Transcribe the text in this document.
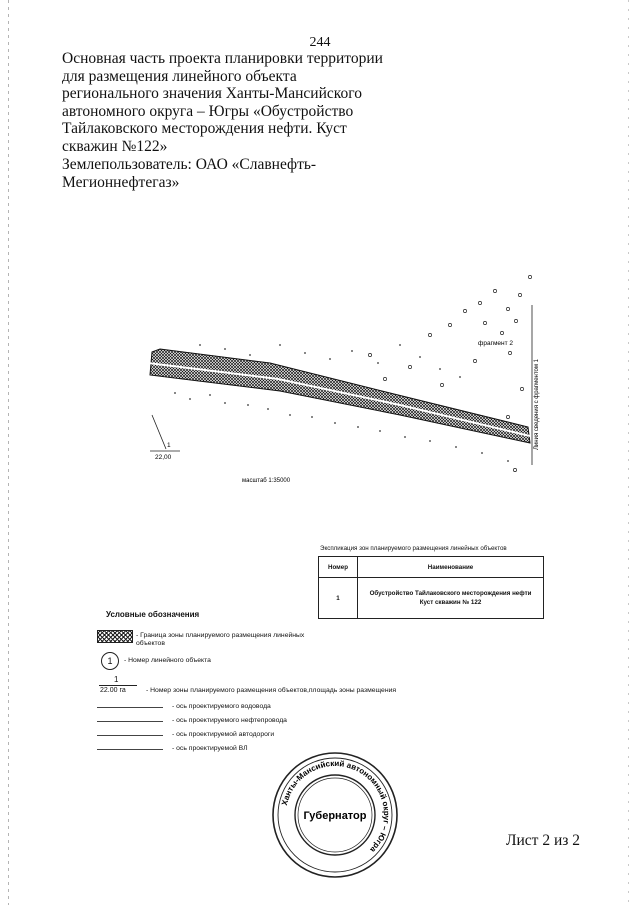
244
Основная часть проекта планировки территории для размещения линейного объекта регионального значения Ханты-Мансийского автономного округа – Югры «Обустройство Тайлаковского месторождения нефти. Куст скважин №122»

Землепользователь: ОАО «Славнефть-Мегионнефтегаз»

Линия сведения с фрагментом 1
фрагмент 2
1
22,00
масштаб 1:35000
Экспликация зон планируемого размещения линейных объектов
Номер	Наименование
1	Обустройство Тайлаковского месторождения нефти
Куст скважин № 122
Условные обозначения
- Граница зоны планируемого размещения линейных объектов
1	- Номер линейного объекта
1
22.00 га	- Номер зоны планируемого размещения объектов,площадь зоны размещения
- ось проектируемого водовода
- ось проектируемого нефтепровода
- ось проектируемой автодороги
- ось проектируемой ВЛ
Ханты-Мансийский автономный округ – Югра
Губернатор
Лист 2 из 2
